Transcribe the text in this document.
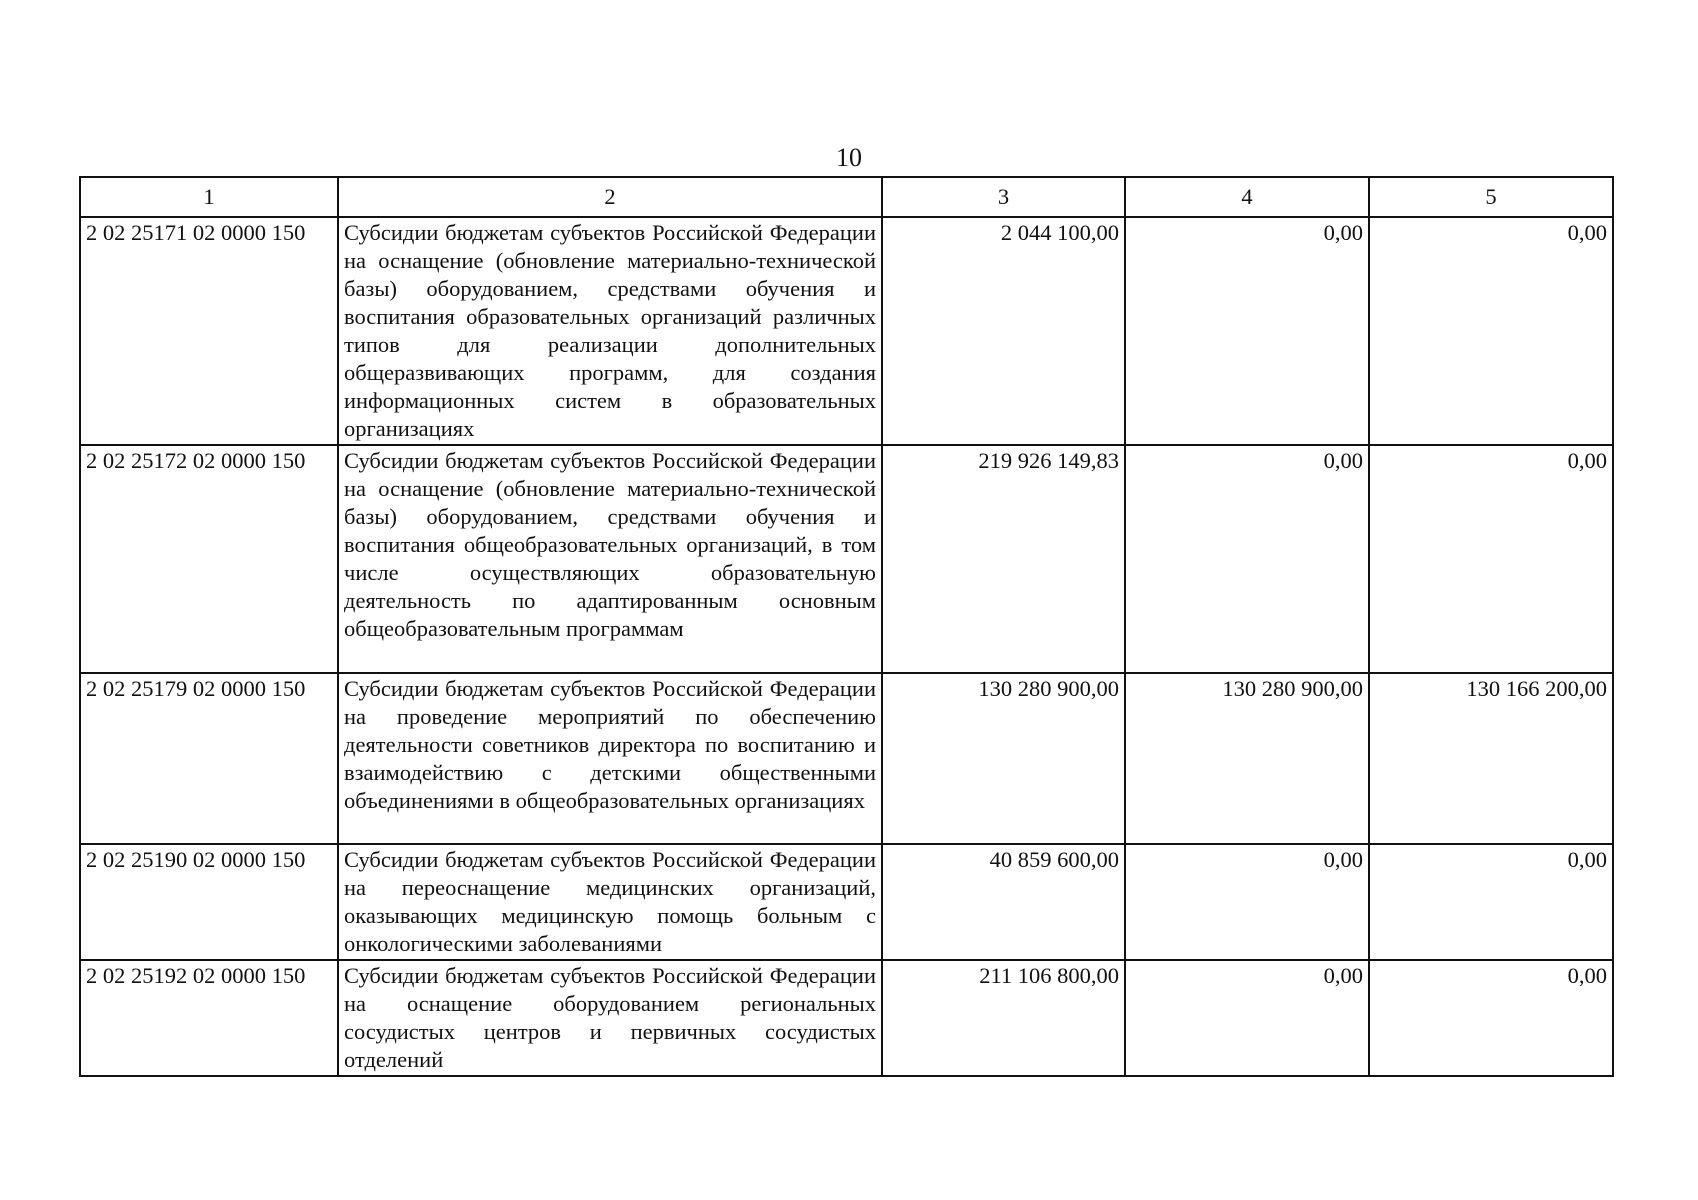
10
1	2	3	4	5
2 02 25171 02 0000 150	Субсидии бюджетам субъектов Российской Федерации на оснащение (обновление материально-технической базы) оборудованием, средствами обучения и воспитания образовательных организаций различных типов для реализации дополнительных общеразвивающих программ, для создания информационных систем в образовательных организациях	2 044 100,00	0,00	0,00
2 02 25172 02 0000 150	Субсидии бюджетам субъектов Российской Федерации на оснащение (обновление материально-технической базы) оборудованием, средствами обучения и воспитания общеобразовательных организаций, в том числе осуществляющих образовательную деятельность по адаптированным основным общеобразовательным программам	219 926 149,83	0,00	0,00
2 02 25179 02 0000 150	Субсидии бюджетам субъектов Российской Федерации на проведение мероприятий по обеспечению деятельности советников директора по воспитанию и взаимодействию с детскими общественными объединениями в общеобразовательных организациях	130 280 900,00	130 280 900,00	130 166 200,00
2 02 25190 02 0000 150	Субсидии бюджетам субъектов Российской Федерации на переоснащение медицинских организаций, оказывающих медицинскую помощь больным с онкологическими заболеваниями	40 859 600,00	0,00	0,00
2 02 25192 02 0000 150	Субсидии бюджетам субъектов Российской Федерации на оснащение оборудованием региональных сосудистых центров и первичных сосудистых отделений	211 106 800,00	0,00	0,00
